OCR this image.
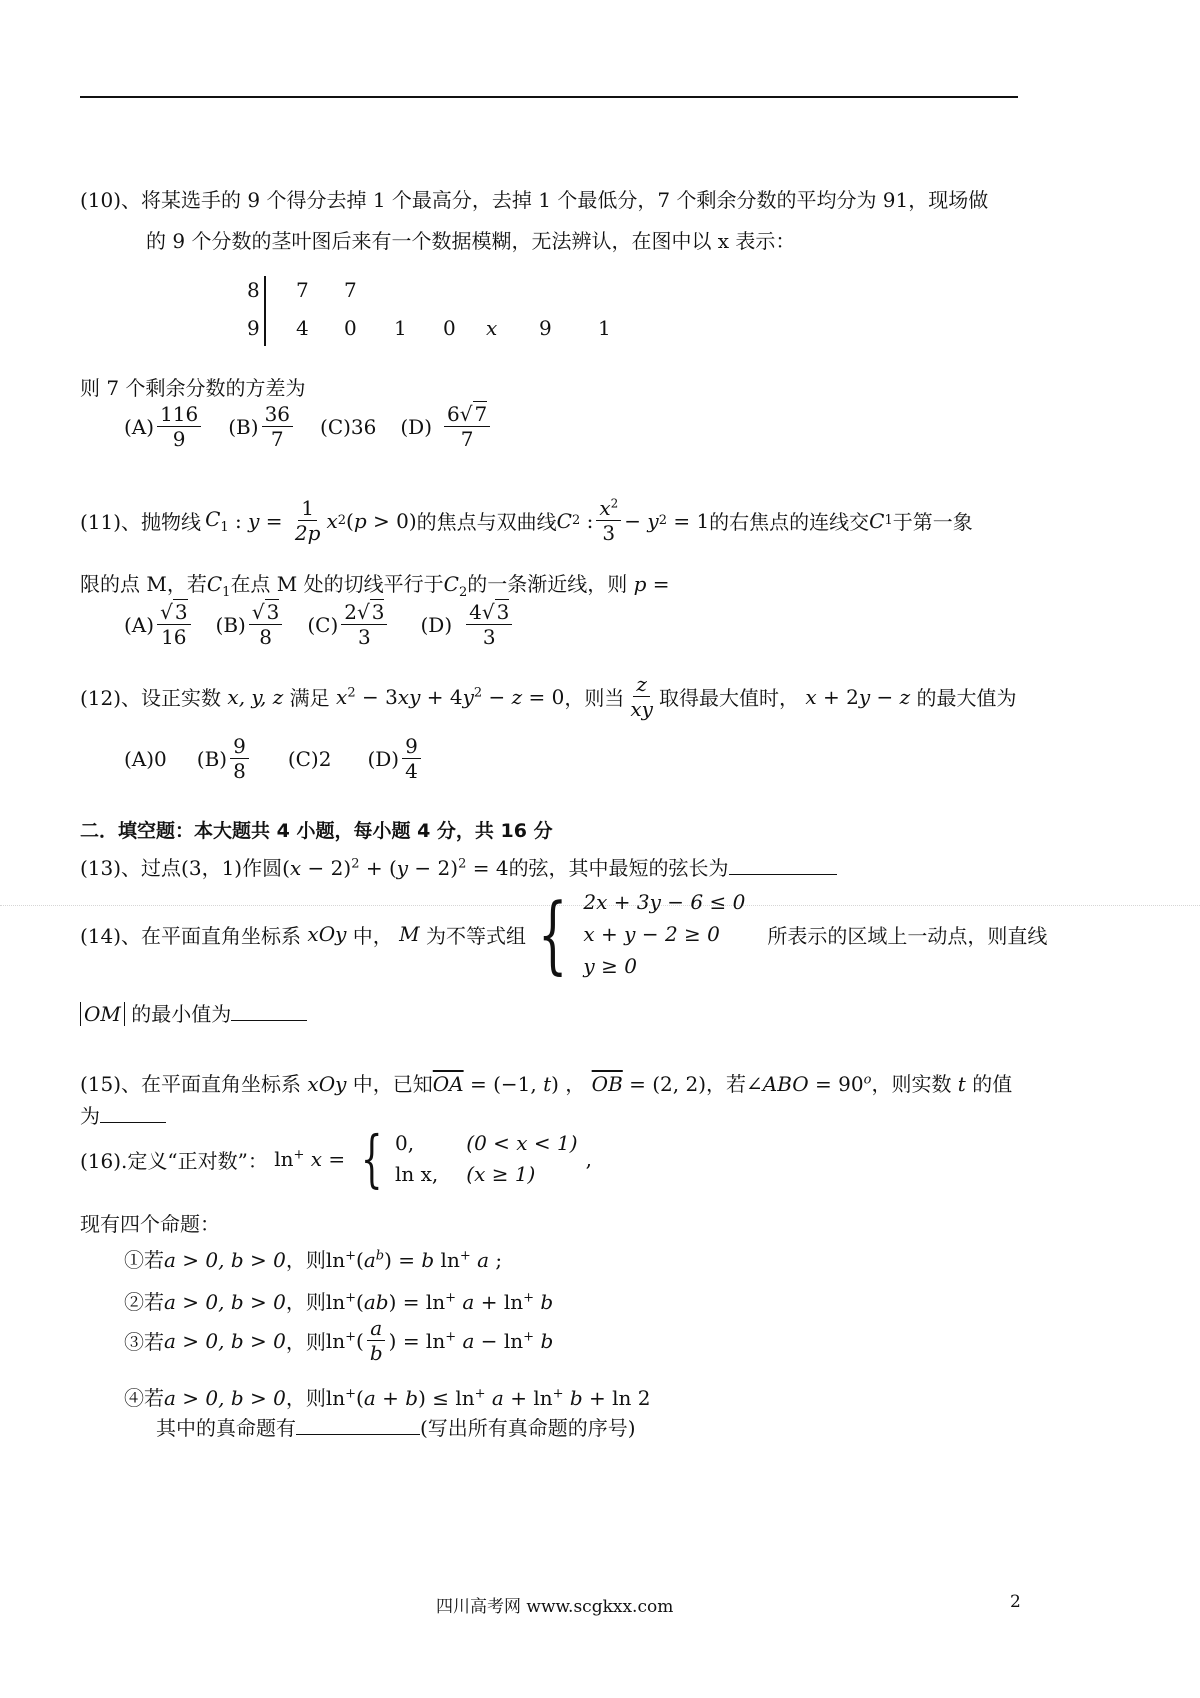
(10)、将某选手的 9 个得分去掉 1 个最高分，去掉 1 个最低分，7 个剩余分数的平均分为 91，现场做
的 9 个分数的茎叶图后来有一个数据模糊，无法辨认，在图中以 x 表示：
8 7 7
9 4 0 1 0 x 9 1
则 7 个剩余分数的方差为
$(A) \frac{116}{9} (B) \frac{36}{7} (C)36$ $(D) \frac{6√ 7}{7}$
(11)、抛物线 $C_1$ : $y = \frac{1}{2p}$ x 2 ( p > 0) 的焦点与双曲线 C 2 : $\frac{x^2}{3} - y$ 2 = 1 的右焦点的连线交 C 1 于第一象
限的点 M，若$C_1$在点 M 处的切线平行于$C_2$的一条渐近线，则 p =
$(A) \frac{√ 3}{16} (B) \frac{√ 3}{8} (C) \frac{2√ 3}{3} (D) \frac{4√ 3}{3}$
(12)、设正实数 x, y, z 满足 $x^2 - 3xy + 4y^2 - z = 0$ ，则当 $\frac{z}{xy}$ 取得最大值时， x + 2y − z 的最大值为
(A)0 $(B) \frac{9}{8} (C)2$ $(D) \frac{9}{4}$
二．填空题：本大题共 4 小题，每小题 4 分，共 16 分
(13)、过点(3，1)作圆$(x - 2)^2 + (y - 2)^2 = 4$的弦，其中最短的弦长为
(14)、在平面直角坐标系 xOy 中， M 为不等式组 { 2x + 3y − 6 ≤ 0
x + y − 2 ≥ 0
y ≥ 0
所表示的区域上一动点，则直线
OM 的最小值为
(15)、在平面直角坐标系 xOy 中，已知$\overline{OA} = (-1$, t) ， $\overline{OB} = (2$, 2)，若∠ABO = $90^o$，则实数 t 的值
为
(16).定义“正对数”： ln+ x = { 0,	(0 < x < 1)
ln x, (x ≥ 1)
,
现有四个命题：
①若a > 0, b > 0，则$\ln^+(a^b) = b$ ln+ a ;
②若a > 0, b > 0，则ln+(ab) = ln+ a + ln+ b
③若 a > 0, b > 0 ，则 $\ln^+( \frac{a}{b}$ ) = ln+ a − ln+ b
④若a > 0, b > 0，则ln+(a + b) ≤ ln+ a + ln+ b + ln 2
其中的真命题有	(写出所有真命题的序号)
四川高考网 www.scgkxx.com	2
